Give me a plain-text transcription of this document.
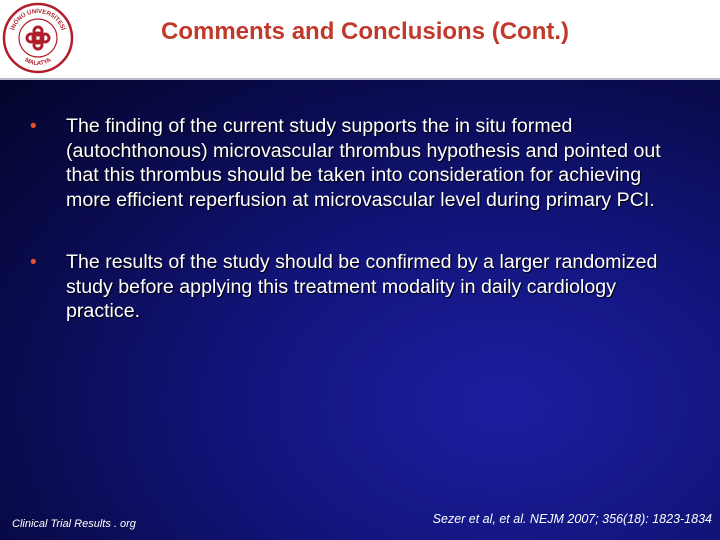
İNÖNÜ ÜNİVERSİTESİ
MALATYA
Comments and Conclusions (Cont.)
• The finding of the current study supports the in situ formed (autochthonous) microvascular thrombus hypothesis and pointed out that this thrombus should be taken into consideration for achieving more efficient reperfusion at microvascular level during primary PCI.
• The results of the study should be confirmed by a larger randomized study before applying this treatment modality in daily cardiology practice.
Clinical Trial Results . org	Sezer et al, et al. NEJM 2007; 356(18): 1823-1834
